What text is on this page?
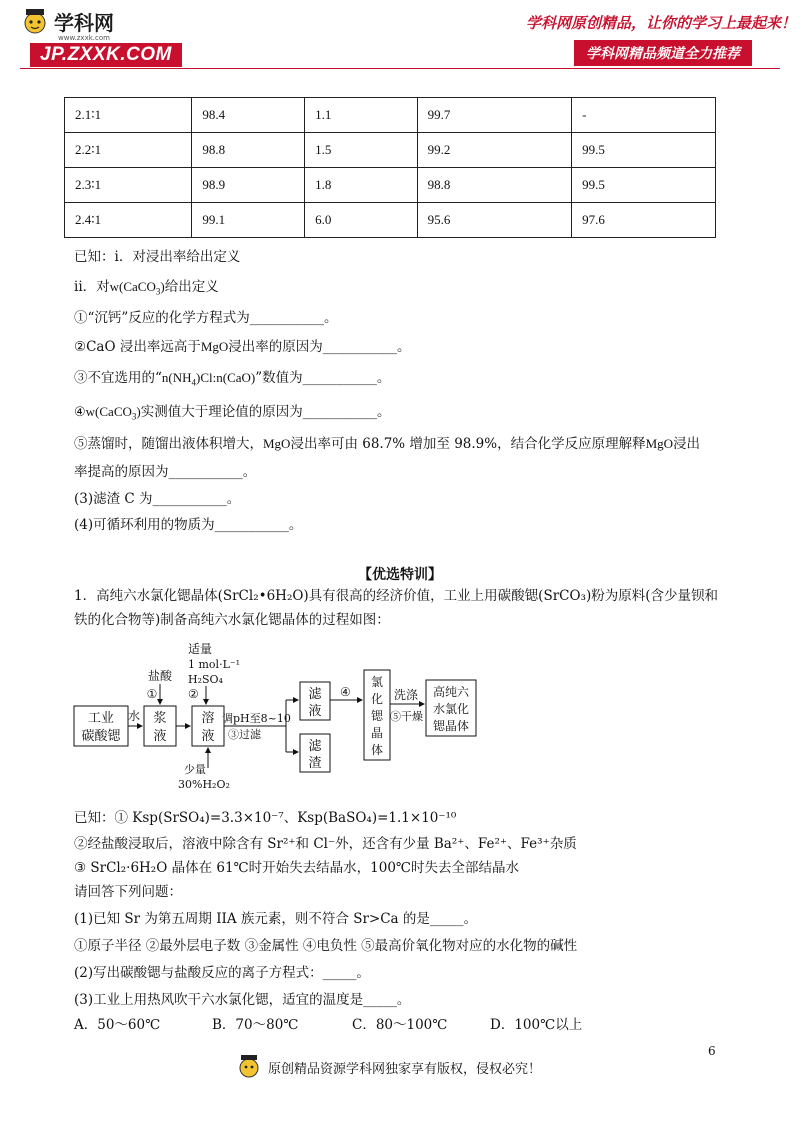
学科网
www.zxxk.com
JP.ZXXK.COM
学科网原创精品，让你的学习上最起来！
学科网精品频道全力推荐
2.1∶1	98.4	1.1	99.7	-
2.2∶1	98.8	1.5	99.2	99.5
2.3∶1	98.9	1.8	98.8	99.5
2.4∶1	99.1	6.0	95.6	97.6
已知：i．对浸出率给出定义
ii．对w(CaCO$_3$)给出定义
①“沉钙”反应的化学方程式为___________。
②CaO 浸出率远高于MgO浸出率的原因为___________。
③不宜选用的“$n(NH_4)Cl:n(CaO)$”数值为___________。
④w(CaCO$_3$)实测值大于理论值的原因为___________。
⑤蒸馏时，随馏出液体积增大，MgO浸出率可由 68.7% 增加至 98.9%，结合化学反应原理解释MgO浸出
率提高的原因为___________。
(3)滤渣 C 为___________。
(4)可循环利用的物质为___________。
【优选特训】
1．高纯六水氯化锶晶体(SrCl₂•6H₂O)具有很高的经济价值，工业上用碳酸锶(SrCO₃)粉为原料(含少量钡和
铁的化合物等)制备高纯六水氯化锶晶体的过程如图：
工业
碳酸锶
水 浆
液
盐酸
①
适量
1 mol·L⁻¹
H₂SO₄
②
溶
液
少量
30%H₂O₂
调pH至8~10
③过滤
滤
液
滤
渣
④
氯
化
锶
晶
体
洗涤
⑤干燥
高纯六
水氯化
锶晶体
已知：① Ksp(SrSO₄)=3.3×10⁻⁷、Ksp(BaSO₄)=1.1×10⁻¹⁰
②经盐酸浸取后，溶液中除含有 Sr²⁺和 Cl⁻外，还含有少量 Ba²⁺、Fe²⁺、Fe³⁺杂质
③ SrCl₂·6H₂O 晶体在 61℃时开始失去结晶水，100℃时失去全部结晶水
请回答下列问题：
(1)已知 Sr 为第五周期 IIA 族元素，则不符合 Sr>Ca 的是_____。
①原子半径 ②最外层电子数 ③金属性 ④电负性 ⑤最高价氧化物对应的水化物的碱性
(2)写出碳酸锶与盐酸反应的离子方程式：_____。
(3)工业上用热风吹干六水氯化锶，适宜的温度是_____。
A．50～60℃	B．70～80℃	C．80～100℃	D．100℃以上
6
原创精品资源学科网独家享有版权，侵权必究！
